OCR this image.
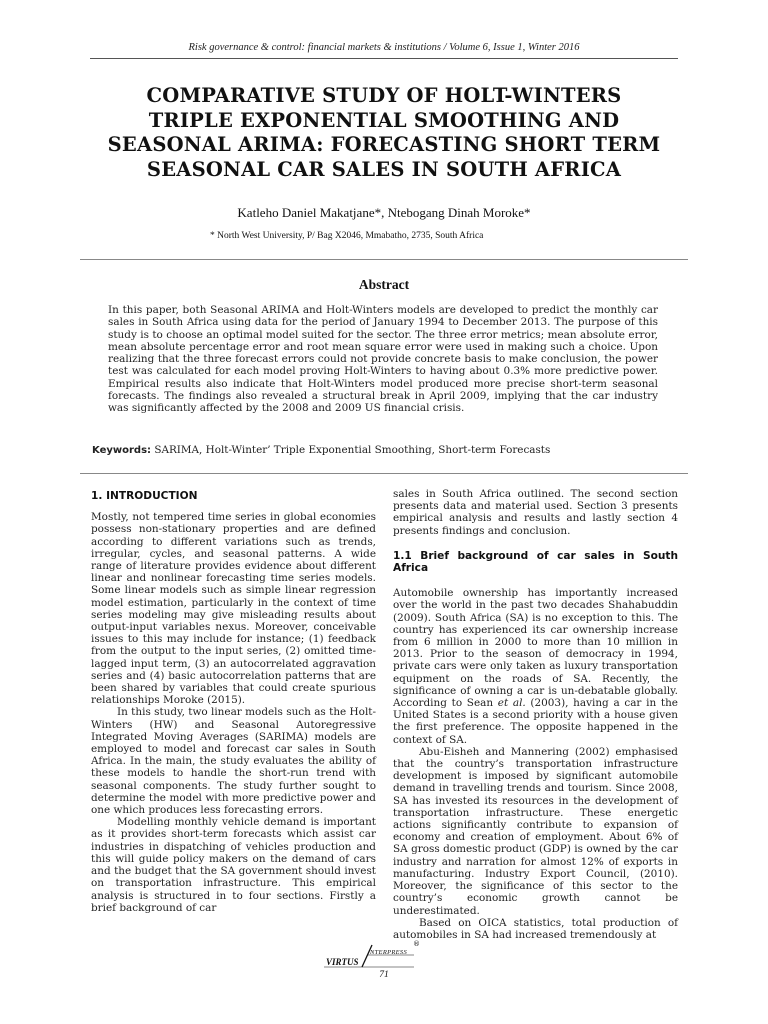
Risk governance & control: financial markets & institutions / Volume 6, Issue 1, Winter 2016
COMPARATIVE STUDY OF HOLT-WINTERS
TRIPLE EXPONENTIAL SMOOTHING AND
SEASONAL ARIMA: FORECASTING SHORT TERM
SEASONAL CAR SALES IN SOUTH AFRICA
Katleho Daniel Makatjane*, Ntebogang Dinah Moroke*
* North West University, P/ Bag X2046, Mmabatho, 2735, South Africa
Abstract
In this paper, both Seasonal ARIMA and Holt-Winters models are developed to predict the monthly car sales in South Africa using data for the period of January 1994 to December 2013. The purpose of this study is to choose an optimal model suited for the sector. The three error metrics; mean absolute error, mean absolute percentage error and root mean square error were used in making such a choice. Upon realizing that the three forecast errors could not provide concrete basis to make conclusion, the power test was calculated for each model proving Holt-Winters to having about 0.3% more predictive power. Empirical results also indicate that Holt-Winters model produced more precise short-term seasonal forecasts. The findings also revealed a structural break in April 2009, implying that the car industry was significantly affected by the 2008 and 2009 US financial crisis.
Keywords: SARIMA, Holt-Winter’ Triple Exponential Smoothing, Short-term Forecasts
1. INTRODUCTION

Mostly, not tempered time series in global economies possess non-stationary properties and are defined according to different variations such as trends, irregular, cycles, and seasonal patterns. A wide range of literature provides evidence about different linear and nonlinear forecasting time series models. Some linear models such as simple linear regression model estimation, particularly in the context of time series modeling may give misleading results about output-input variables nexus. Moreover, conceivable issues to this may include for instance; (1) feedback from the output to the input series, (2) omitted time-lagged input term, (3) an autocorrelated aggravation series and (4) basic autocorrelation patterns that are been shared by variables that could create spurious relationships Moroke (2015).

In this study, two linear models such as the Holt-Winters (HW) and Seasonal Autoregressive Integrated Moving Averages (SARIMA) models are employed to model and forecast car sales in South Africa. In the main, the study evaluates the ability of these models to handle the short-run trend with seasonal components. The study further sought to determine the model with more predictive power and one which produces less forecasting errors.

Modelling monthly vehicle demand is important as it provides short-term forecasts which assist car industries in dispatching of vehicles production and this will guide policy makers on the demand of cars and the budget that the SA government should invest on transportation infrastructure. This empirical analysis is structured in to four sections. Firstly a brief background of car

sales in South Africa outlined. The second section presents data and material used. Section 3 presents empirical analysis and results and lastly section 4 presents findings and conclusion.

1.1 Brief background of car sales in South Africa

Automobile ownership has importantly increased over the world in the past two decades Shahabuddin (2009). South Africa (SA) is no exception to this. The country has experienced its car ownership increase from 6 million in 2000 to more than 10 million in 2013. Prior to the season of democracy in 1994, private cars were only taken as luxury transportation equipment on the roads of SA. Recently, the significance of owning a car is un-debatable globally. According to Sean et al. (2003), having a car in the United States is a second priority with a house given the first preference. The opposite happened in the context of SA.

Abu-Eisheh and Mannering (2002) emphasised that the country’s transportation infrastructure development is imposed by significant automobile demand in travelling trends and tourism. Since 2008, SA has invested its resources in the development of transportation infrastructure. These energetic actions significantly contribute to expansion of economy and creation of employment. About 6% of SA gross domestic product (GDP) is owned by the car industry and narration for almost 12% of exports in manufacturing. Industry Export Council, (2010). Moreover, the significance of this sector to the country’s economic growth cannot be underestimated.

Based on OICA statistics, total production of automobiles in SA had increased tremendously at

VIRTUS
NTERPRESS
®
71
